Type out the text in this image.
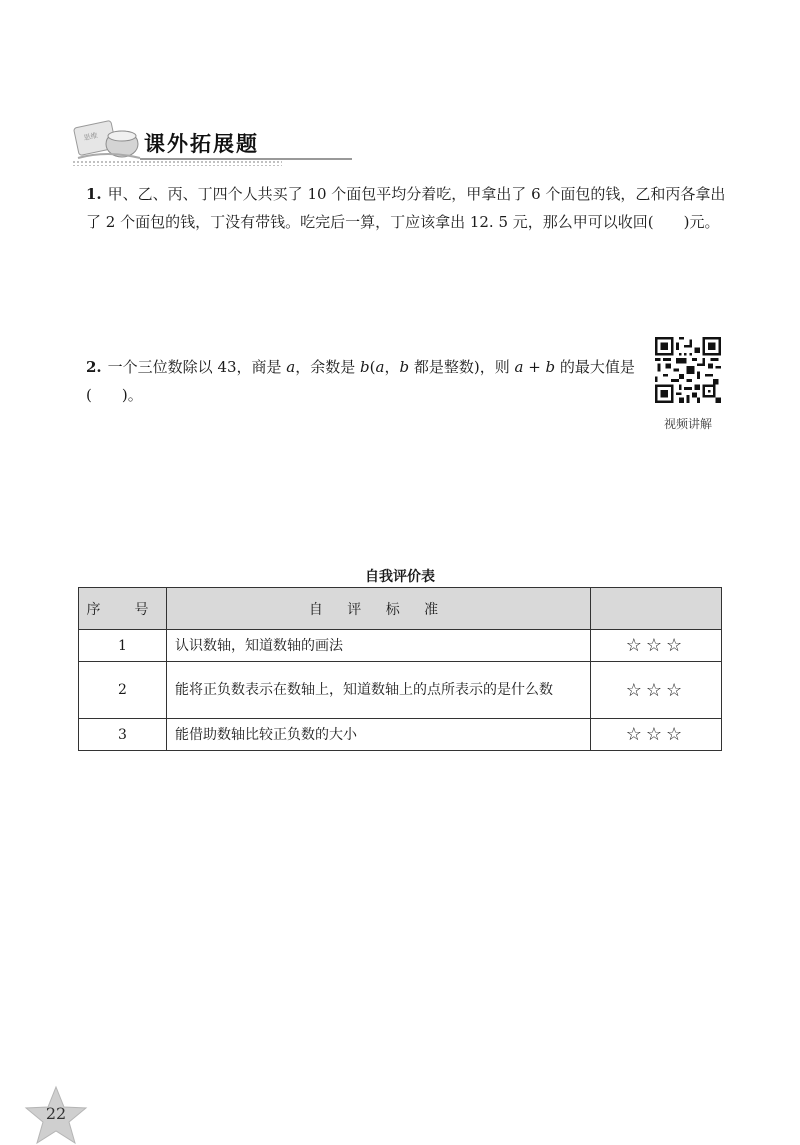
思维 课外拓展题
1. 甲、乙、丙、丁四个人共买了 10 个面包平均分着吃，甲拿出了 6 个面包的钱，乙和丙各拿出了 2 个面包的钱，丁没有带钱。吃完后一算，丁应该拿出 12. 5 元，那么甲可以收回(　　)元。
2. 一个三位数除以 43，商是 a，余数是 b(a，b 都是整数)，则 a + b 的最大值是(　　)。
视频讲解
自我评价表
序　号	自 评 标 准	
1	认识数轴，知道数轴的画法	☆☆☆
2	能将正负数表示在数轴上，知道数轴上的点所表示的是什么数	☆☆☆
3	能借助数轴比较正负数的大小	☆☆☆
22
